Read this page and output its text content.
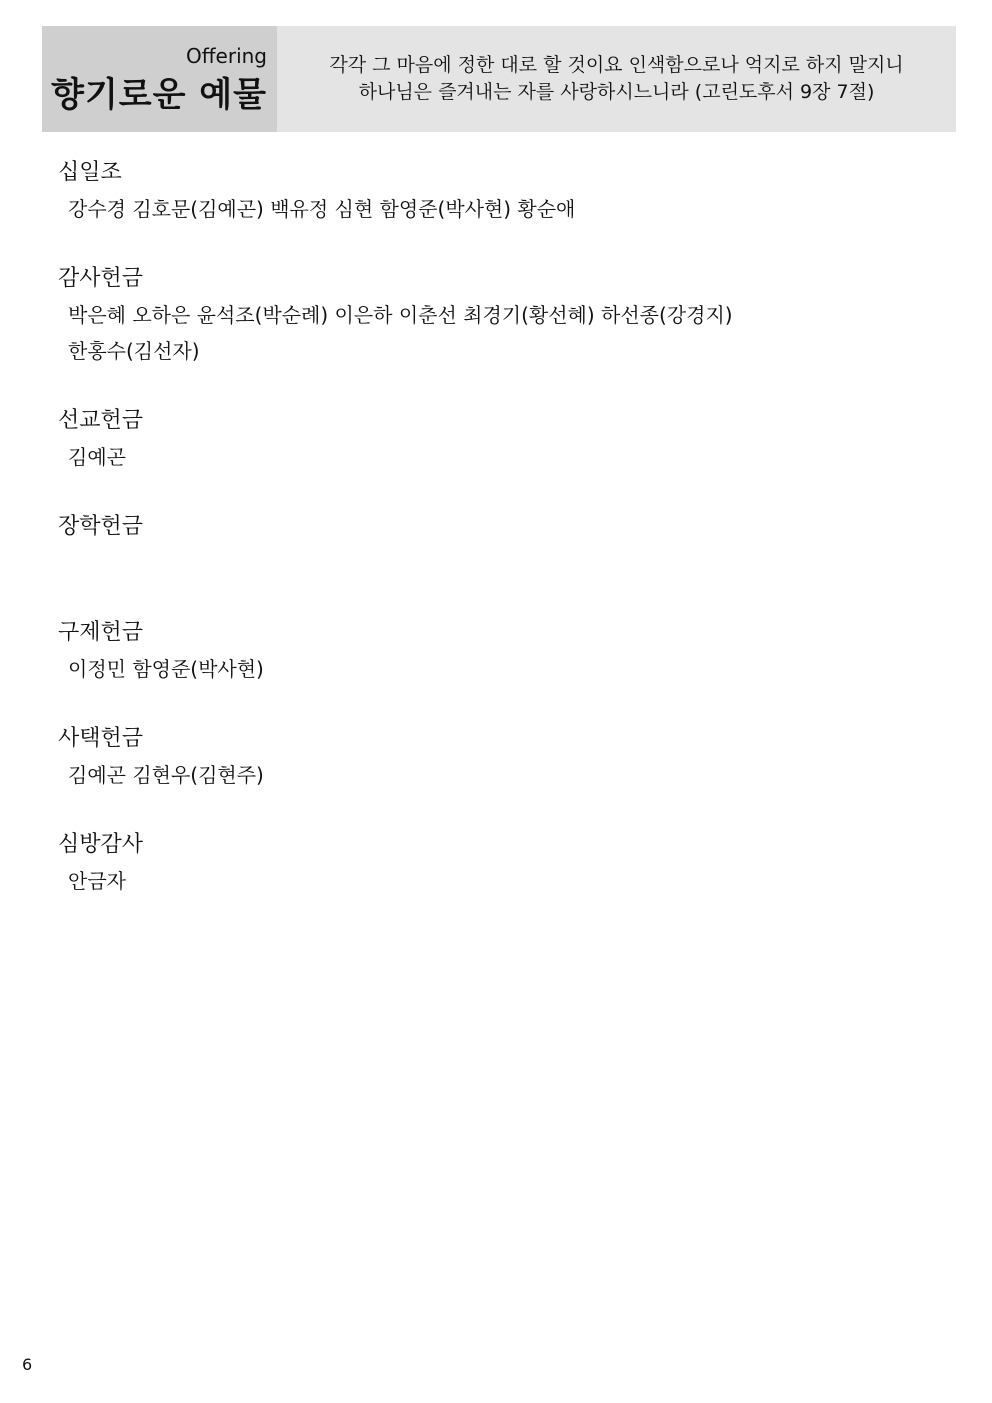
Offering
향기로운 예물
각각 그 마음에 정한 대로 할 것이요 인색함으로나 억지로 하지 말지니
하나님은 즐겨내는 자를 사랑하시느니라 (고린도후서 9장 7절)
십일조
강수경 김호문(김예곤) 백유정 심현 함영준(박사현) 황순애
감사헌금
박은혜 오하은 윤석조(박순례) 이은하 이춘선 최경기(황선혜) 하선종(강경지)
한홍수(김선자)
선교헌금
김예곤
장학헌금
구제헌금
이정민 함영준(박사현)
사택헌금
김예곤 김현우(김현주)
심방감사
안금자
6
